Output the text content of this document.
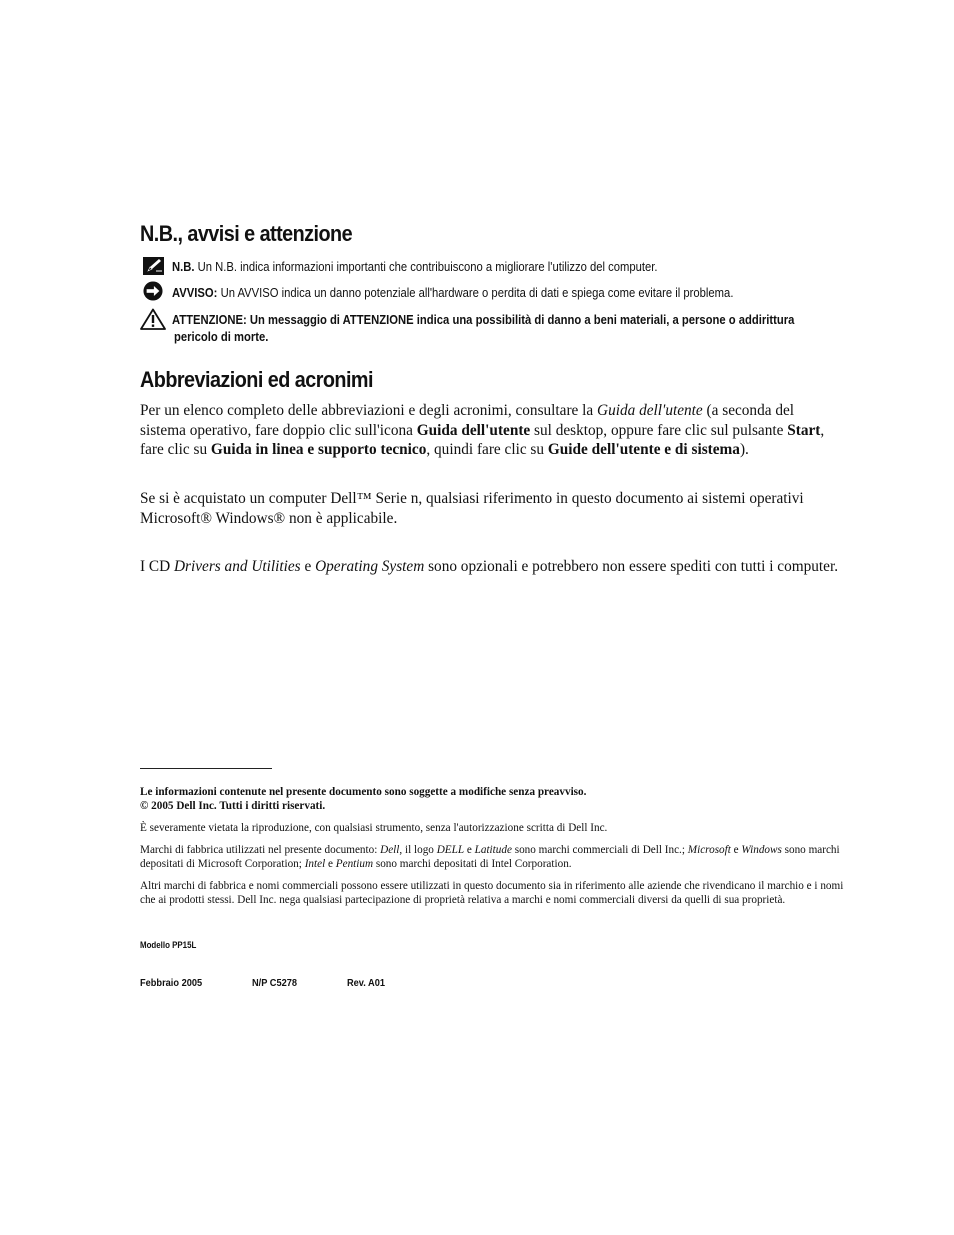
N.B., avvisi e attenzione
N.B. Un N.B. indica informazioni importanti che contribuiscono a migliorare l'utilizzo del computer.
AVVISO: Un AVVISO indica un danno potenziale all'hardware o perdita di dati e spiega come evitare il problema.
ATTENZIONE: Un messaggio di ATTENZIONE indica una possibilità di danno a beni materiali, a persone o addirittura
pericolo di morte.
Abbreviazioni ed acronimi
Per un elenco completo delle abbreviazioni e degli acronimi, consultare la Guida dell'utente (a seconda del sistema operativo, fare doppio clic sull'icona Guida dell'utente sul desktop, oppure fare clic sul pulsante Start, fare clic su Guida in linea e supporto tecnico, quindi fare clic su Guide dell'utente e di sistema).
Se si è acquistato un computer Dell™ Serie n, qualsiasi riferimento in questo documento ai sistemi operativi Microsoft® Windows® non è applicabile.
I CD Drivers and Utilities e Operating System sono opzionali e potrebbero non essere spediti con tutti i computer.
Le informazioni contenute nel presente documento sono soggette a modifiche senza preavviso.
© 2005 Dell Inc. Tutti i diritti riservati.
È severamente vietata la riproduzione, con qualsiasi strumento, senza l'autorizzazione scritta di Dell Inc.
Marchi di fabbrica utilizzati nel presente documento: Dell, il logo DELL e Latitude sono marchi commerciali di Dell Inc.; Microsoft e Windows sono marchi depositati di Microsoft Corporation; Intel e Pentium sono marchi depositati di Intel Corporation.
Altri marchi di fabbrica e nomi commerciali possono essere utilizzati in questo documento sia in riferimento alle aziende che rivendicano il marchio e i nomi che ai prodotti stessi. Dell Inc. nega qualsiasi partecipazione di proprietà relativa a marchi e nomi commerciali diversi da quelli di sua proprietà.
Modello PP15L
Febbraio 2005	N/P C5278	Rev. A01
